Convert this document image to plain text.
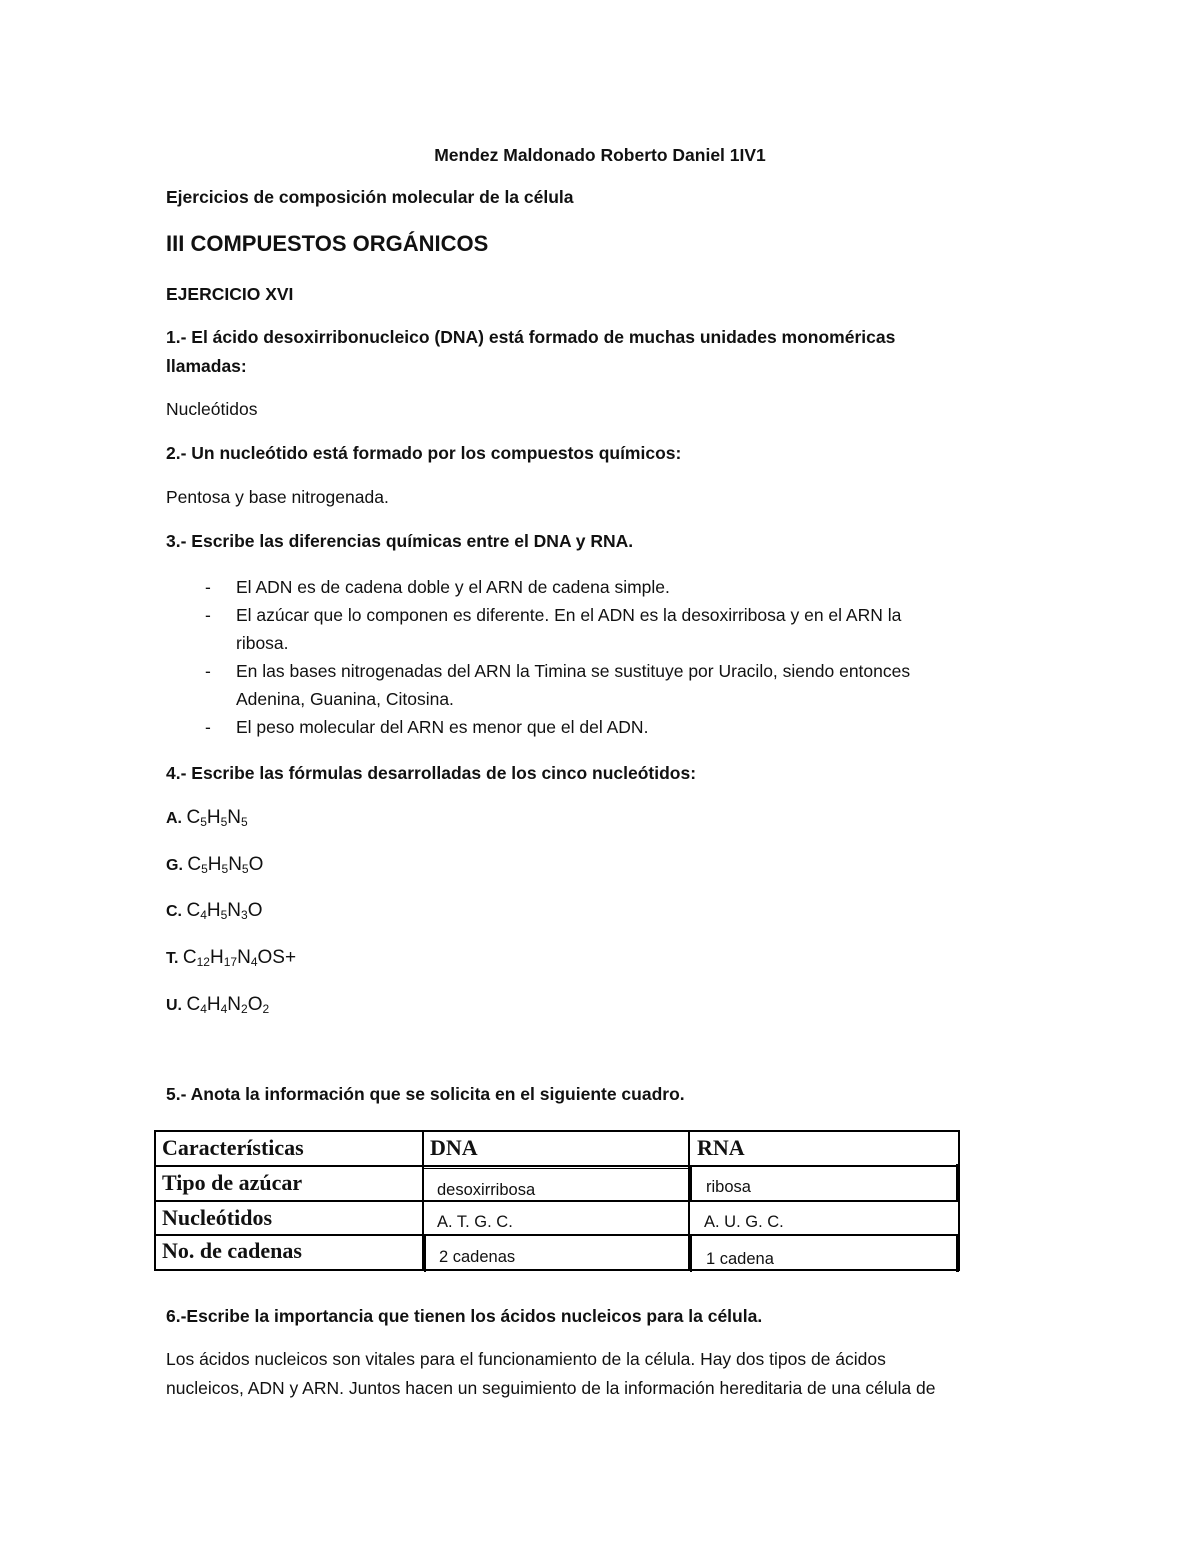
Mendez Maldonado Roberto Daniel 1IV1
Ejercicios de composición molecular de la célula
III COMPUESTOS ORGÁNICOS
EJERCICIO XVI
1.- El ácido desoxirribonucleico (DNA) está formado de muchas unidades monoméricas
llamadas:
Nucleótidos
2.- Un nucleótido está formado por los compuestos químicos:
Pentosa y base nitrogenada.
3.- Escribe las diferencias químicas entre el DNA y RNA.
- El ADN es de cadena doble y el ARN de cadena simple.
- El azúcar que lo componen es diferente. En el ADN es la desoxirribosa y en el ARN la
ribosa.
- En las bases nitrogenadas del ARN la Timina se sustituye por Uracilo, siendo entonces
Adenina, Guanina, Citosina.
- El peso molecular del ARN es menor que el del ADN.
4.- Escribe las fórmulas desarrolladas de los cinco nucleótidos:
A. $C_5H_5N_5$
G. $C_5H_5N_5O$
C. $C_4H_5N_3O$
T. $C_{12}H_{17}N_4OS+$
U. $C_4H_4N_2O_2$
5.- Anota la información que se solicita en el siguiente cuadro.
Características	DNA	RNA
Tipo de azúcar	desoxirribosa	ribosa
Nucleótidos	A. T. G. C.	A. U. G. C.
No. de cadenas	2 cadenas	1 cadena
6.-Escribe la importancia que tienen los ácidos nucleicos para la célula.
Los ácidos nucleicos son vitales para el funcionamiento de la célula. Hay dos tipos de ácidos
nucleicos, ADN y ARN. Juntos hacen un seguimiento de la información hereditaria de una célula de
